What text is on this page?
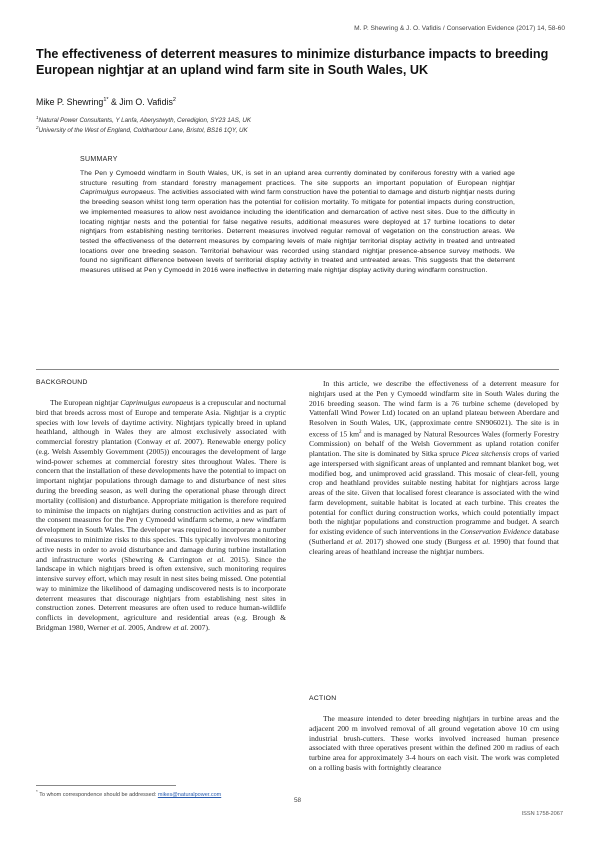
M. P. Shewring & J. O. Vafidis / Conservation Evidence (2017) 14, 58-60
The effectiveness of deterrent measures to minimize disturbance impacts to breeding European nightjar at an upland wind farm site in South Wales, UK
Mike P. Shewring$^{1*}$ & Jim O. Vafidis$^2$
$^1$Natural Power Consultants, Y Lanfa, Aberystwyth, Ceredigion, SY23 1AS, UK
$^2$University of the West of England, Coldharbour Lane, Bristol, BS16 1QY, UK
SUMMARY
The Pen y Cymoedd windfarm in South Wales, UK, is set in an upland area currently dominated by coniferous forestry with a varied age structure resulting from standard forestry management practices. The site supports an important population of European nightjar Caprimulgus europaeus. The activities associated with wind farm construction have the potential to damage and disturb nightjar nests during the breeding season whilst long term operation has the potential for collision mortality. To mitigate for potential impacts during construction, we implemented measures to allow nest avoidance including the identification and demarcation of active nest sites. Due to the difficulty in locating nightjar nests and the potential for false negative results, additional measures were deployed at 17 turbine locations to deter nightjars from establishing nesting territories. Deterrent measures involved regular removal of vegetation on the construction areas. We tested the effectiveness of the deterrent measures by comparing levels of male nightjar territorial display activity in treated and untreated locations over one breeding season. Territorial behaviour was recorded using standard nightjar presence-absence survey methods. We found no significant difference between levels of territorial display activity in treated and untreated areas. This suggests that the deterrent measures utilised at Pen y Cymoedd in 2016 were ineffective in deterring male nightjar display activity during windfarm construction.
BACKGROUND

The European nightjar Caprimulgus europaeus is a crepuscular and nocturnal bird that breeds across most of Europe and temperate Asia. Nightjar is a cryptic species with low levels of daytime activity. Nightjars typically breed in upland heathland, although in Wales they are almost exclusively associated with commercial forestry plantation (Conway et al. 2007). Renewable energy policy (e.g. Welsh Assembly Government (2005)) encourages the development of large wind-power schemes at commercial forestry sites throughout Wales. There is concern that the installation of these developments have the potential to impact on important nightjar populations through damage to and disturbance of nest sites during the breeding season, as well during the operational phase through direct mortality (collision) and disturbance. Appropriate mitigation is therefore required to minimise the impacts on nightjars during construction activities and as part of the consent measures for the Pen y Cymoedd windfarm scheme, a new windfarm development in South Wales. The developer was required to incorporate a number of measures to minimize risks to this species. This typically involves monitoring active nests in order to avoid disturbance and damage during turbine installation and infrastructure works (Shewring & Carrington et al. 2015). Since the landscape in which nightjars breed is often extensive, such monitoring requires intensive survey effort, which may result in nest sites being missed. One potential way to minimize the likelihood of damaging undiscovered nests is to incorporate deterrent measures that discourage nightjars from establishing nest sites in construction zones. Deterrent measures are often used to reduce human-wildlife conflicts in development, agriculture and residential areas (e.g. Brough & Bridgman 1980, Werner et al. 2005, Andrew et al. 2007).

In this article, we describe the effectiveness of a deterrent measure for nightjars used at the Pen y Cymoedd windfarm site in South Wales during the 2016 breeding season. The wind farm is a 76 turbine scheme (developed by Vattenfall Wind Power Ltd) located on an upland plateau between Aberdare and Resolven in South Wales, UK, (approximate centre SN906021). The site is in excess of 15 $km^2$ and is managed by Natural Resources Wales (formerly Forestry Commission) on behalf of the Welsh Government as upland rotation conifer plantation. The site is dominated by Sitka spruce Picea sitchensis crops of varied age interspersed with significant areas of unplanted and remnant blanket bog, wet modified bog, and unimproved acid grassland. This mosaic of clear-fell, young crop and heathland provides suitable nesting habitat for nightjars across large areas of the site. Given that localised forest clearance is associated with the wind farm development, suitable habitat is located at each turbine. This creates the potential for conflict during construction works, which could potentially impact both the nightjar populations and construction programme and budget. A search for existing evidence of such interventions in the Conservation Evidence database (Sutherland et al. 2017) showed one study (Burgess et al. 1990) that found that clearing areas of heathland increase the nightjar numbers.

ACTION

The measure intended to deter breeding nightjars in turbine areas and the adjacent 200 m involved removal of all ground vegetation above 10 cm using industrial brush-cutters. These works involved increased human presence associated with three operatives present within the defined 200 m radius of each turbine area for approximately 3-4 hours on each visit. The work was completed on a rolling basis with fortnightly clearance

* To whom correspondence should be addressed: mikes@naturalpower.com
58
ISSN 1758-2067
